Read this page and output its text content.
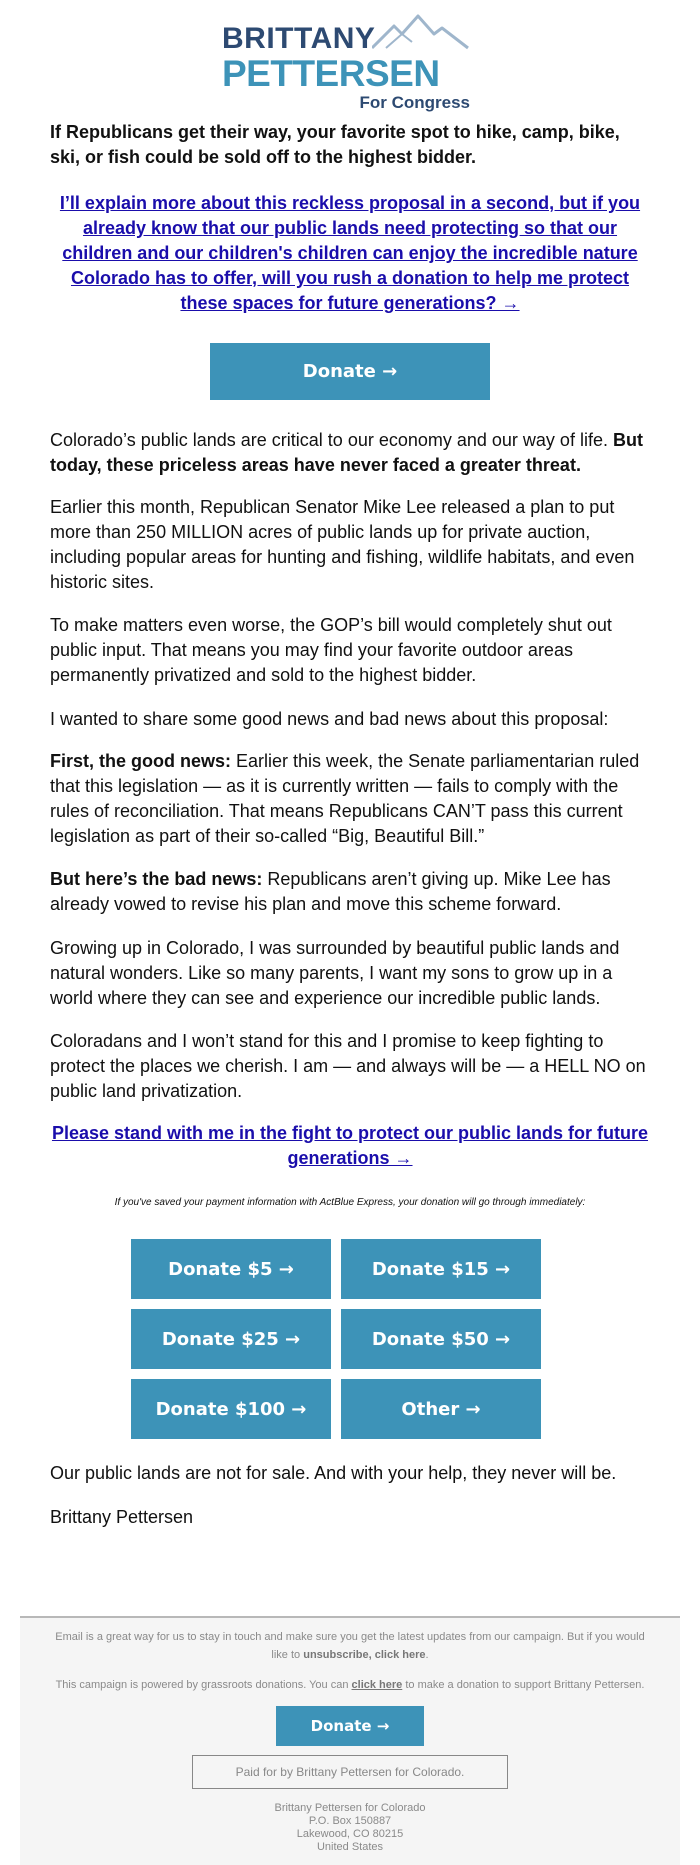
BRITTANY
PETTERSEN
For Congress
If Republicans get their way, your favorite spot to hike, camp, bike, ski, or fish could be sold off to the highest bidder.
I’ll explain more about this reckless proposal in a second, but if you already know that our public lands need protecting so that our children and our children's children can enjoy the incredible nature Colorado has to offer, will you rush a donation to help me protect these spaces for future generations? →
Donate →
Colorado’s public lands are critical to our economy and our way of life. But today, these priceless areas have never faced a greater threat.
Earlier this month, Republican Senator Mike Lee released a plan to put more than 250 MILLION acres of public lands up for private auction, including popular areas for hunting and fishing, wildlife habitats, and even historic sites.
To make matters even worse, the GOP’s bill would completely shut out public input. That means you may find your favorite outdoor areas permanently privatized and sold to the highest bidder.
I wanted to share some good news and bad news about this proposal:
First, the good news: Earlier this week, the Senate parliamentarian ruled that this legislation — as it is currently written — fails to comply with the rules of reconciliation. That means Republicans CAN’T pass this current legislation as part of their so-called “Big, Beautiful Bill.”
But here’s the bad news: Republicans aren’t giving up. Mike Lee has already vowed to revise his plan and move this scheme forward.
Growing up in Colorado, I was surrounded by beautiful public lands and natural wonders. Like so many parents, I want my sons to grow up in a world where they can see and experience our incredible public lands.
Coloradans and I won’t stand for this and I promise to keep fighting to protect the places we cherish. I am — and always will be — a HELL NO on public land privatization.
Please stand with me in the fight to protect our public lands for future generations →
If you've saved your payment information with ActBlue Express, your donation will go through immediately:
Donate $5 →	Donate $15 →
Donate $25 →	Donate $50 →
Donate $100 →	Other →
Our public lands are not for sale. And with your help, they never will be.
Brittany Pettersen
Email is a great way for us to stay in touch and make sure you get the latest updates from our campaign. But if you would like to unsubscribe, click here.
This campaign is powered by grassroots donations. You can click here to make a donation to support Brittany Pettersen.
Donate →
Paid for by Brittany Pettersen for Colorado.
Brittany Pettersen for Colorado
P.O. Box 150887
Lakewood, CO 80215
United States
